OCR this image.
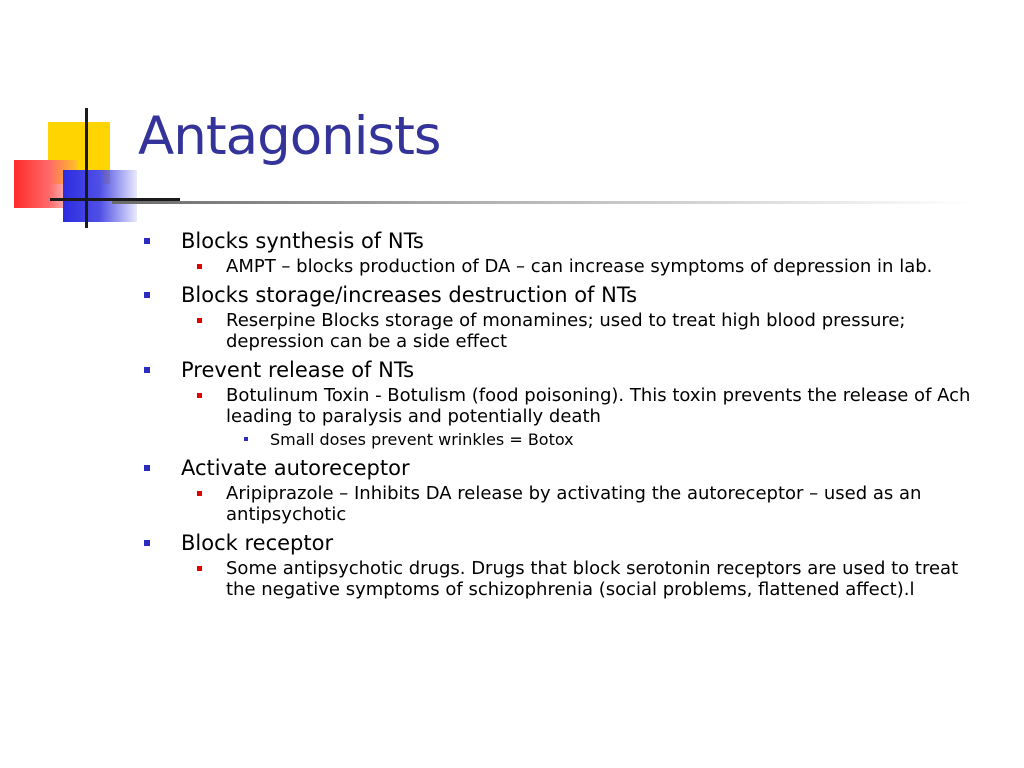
Antagonists
Blocks synthesis of NTs
AMPT – blocks production of DA – can increase symptoms of depression in lab.
Blocks storage/increases destruction of NTs
Reserpine Blocks storage of monamines; used to treat high blood pressure; depression can be a side effect
Prevent release of NTs
Botulinum Toxin - Botulism (food poisoning). This toxin prevents the release of Ach leading to paralysis and potentially death
Small doses prevent wrinkles = Botox
Activate autoreceptor
Aripiprazole – Inhibits DA release by activating the autoreceptor – used as an antipsychotic
Block receptor
Some antipsychotic drugs. Drugs that block serotonin receptors are used to treat the negative symptoms of schizophrenia (social problems, flattened affect).l
